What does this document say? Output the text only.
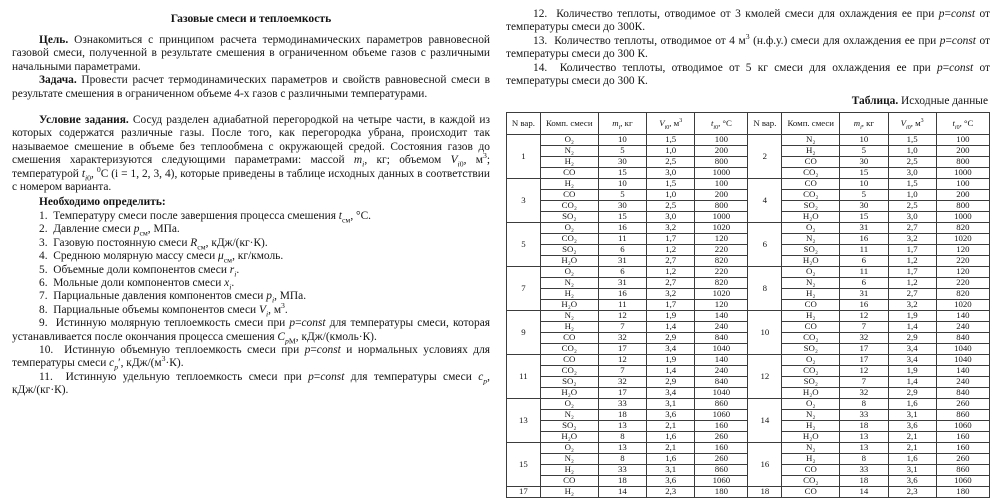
Газовые смеси и теплоемкость

Цель. Ознакомиться с принципом расчета термодинамических параметров равновесной газовой смеси, полученной в результате смешения в ограниченном объеме газов с различными начальными параметрами.

Задача. Провести расчет термодинамических параметров и свойств равновесной смеси в результате смешения в ограниченном объеме 4-х газов с различными температурами.

Условие задания. Сосуд разделен адиабатной перегородкой на четыре части, в каждой из которых содержатся различные газы. После того, как перегородка убрана, происходит так называемое смешение в объеме без теплообмена с окружающей средой. Состояния газов до смешения характеризуются следующими параметрами: массой $m_i$, кг; объемом $V_{i0}$, $м^3$; температурой $t_{i0}$, $^0$С (i = 1, 2, 3, 4), которые приведены в таблице исходных данных в соответствии с номером варианта.

Необходимо определить:

1.  Температуру смеси после завершения процесса смешения $t_{см}$, °С.

2.  Давление смеси $p_{см}$, МПа.

3.  Газовую постоянную смеси $R_{см}$, кДж/(кг·К).

4.  Среднюю молярную массу смеси $\mu_{см}$, кг/кмоль.

5.  Объемные доли компонентов смеси $r_i$.

6.  Мольные доли компонентов смеси $x_i$.

7.  Парциальные давления компонентов смеси $p_i$, МПа.

8.  Парциальные объемы компонентов смеси $V_i$, $м^3$.

9.  Истинную молярную теплоемкость смеси при p=const для температуры смеси, которая устанавливается после окончания процесса смешения $С_{рМ}$, кДж/(кмоль·К).

10.  Истинную объемную теплоемкость смеси при p=const и нормальных условиях для температуры смеси $c_p'$, кДж/$(м^3\cdot К)$.

11.  Истинную удельную теплоемкость смеси при p=const для температуры смеси $c_p$, кДж/(кг·К).

12.  Количество теплоты, отводимое от 3 кмолей смеси для охлаждения ее при p=const от температуры смеси до 300К.

13.  Количество теплоты, отводимое от 4 $м^3$ (н.ф.у.) смеси для охлаждения ее при p=const от температуры смеси до 300 К.

14.  Количество теплоты, отводимое от 5 кг смеси для охлаждения ее при p=const от температуры смеси до 300 К.

Таблица. Исходные данные

N вар.	Комп. смеси	$m_i$, кг	$V_{i0}$, $м^3$	$t_{i0}$, °С	N вар.	Комп. смеси	$m_i$, кг	$V_{i0}$, $м^3$	$t_{i0}$, °С
1	O₂	10	1,5	100	2	N₂	10	1,5	100
	N₂	5	1,0	200		H₂	5	1,0	200
	H₂	30	2,5	800		CO	30	2,5	800
	CO	15	3,0	1000		CO₂	15	3,0	1000
3	H₂	10	1,5	100	4	CO	10	1,5	100
	CO	5	1,0	200		CO₂	5	1,0	200
	CO₂	30	2,5	800		SO₂	30	2,5	800
	SO₂	15	3,0	1000		H₂O	15	3,0	1000
5	O₂	16	3,2	1020	6	O₂	31	2,7	820
	CO₂	11	1,7	120		N₂	16	3,2	1020
	SO₂	6	1,2	220		SO₂	11	1,7	120
	H₂O	31	2,7	820		H₂O	6	1,2	220
7	O₂	6	1,2	220	8	O₂	11	1,7	120
	N₂	31	2,7	820		N₂	6	1,2	220
	H₂	16	3,2	1020		H₂	31	2,7	820
	H₂O	11	1,7	120		CO	16	3,2	1020
9	N₂	12	1,9	140	10	H₂	12	1,9	140
	H₂	7	1,4	240		CO	7	1,4	240
	CO	32	2,9	840		CO₂	32	2,9	840
	CO₂	17	3,4	1040		SO₂	17	3,4	1040
11	CO	12	1,9	140	12	O₂	17	3,4	1040
	CO₂	7	1,4	240		CO₂	12	1,9	140
	SO₂	32	2,9	840		SO₂	7	1,4	240
	H₂O	17	3,4	1040		H₂O	32	2,9	840
13	O₂	33	3,1	860	14	O₂	8	1,6	260
	N₂	18	3,6	1060		N₂	33	3,1	860
	SO₂	13	2,1	160		H₂	18	3,6	1060
	H₂O	8	1,6	260		H₂O	13	2,1	160
15	O₂	13	2,1	160	16	N₂	13	2,1	160
	N₂	8	1,6	260		H₂	8	1,6	260
	H₂	33	3,1	860		CO	33	3,1	860
	CO	18	3,6	1060		CO₂	18	3,6	1060
17	H₂	14	2,3	180	18	CO	14	2,3	180
